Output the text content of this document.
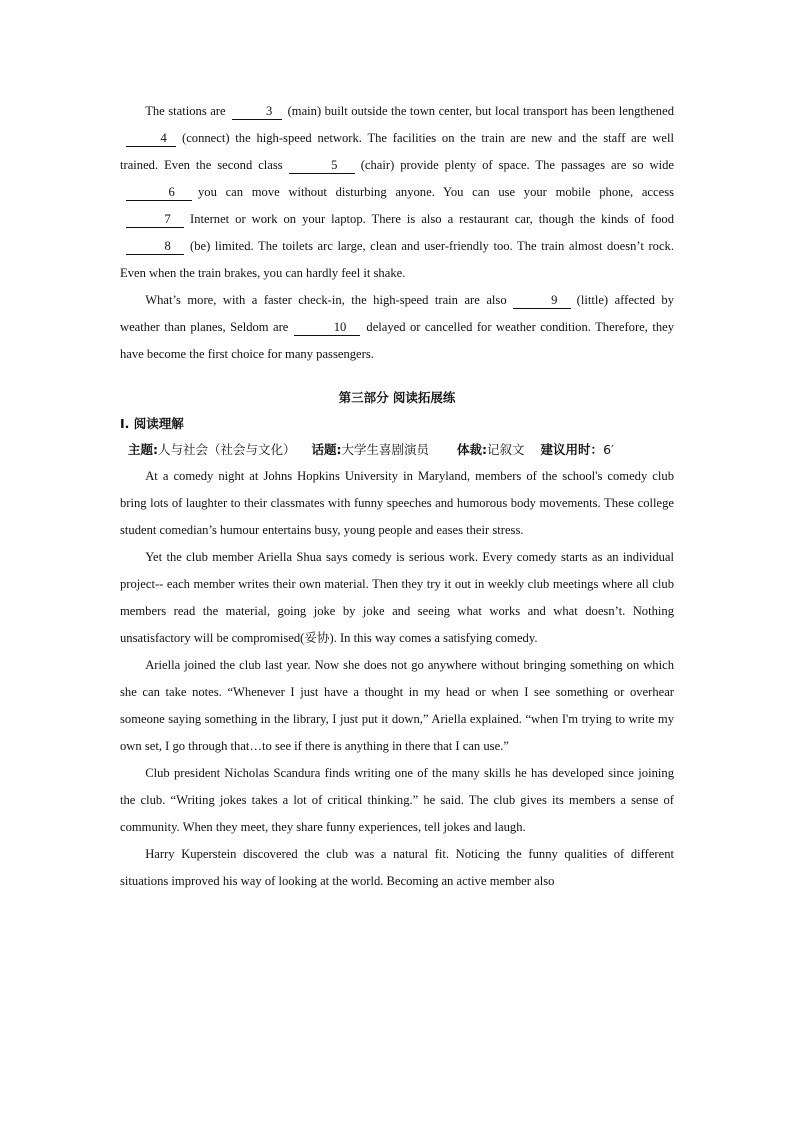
The stations are	3 (main) built outside the town center, but local transport has been lengthened4 (connect) the high-speed network. The facilities on the train are new and the staff are well trained. Even the second class	5 (chair) provide plenty of space. The passages are so wide6 you can move without disturbing anyone. You can use your mobile phone, access7 Internet or work on your laptop. There is also a restaurant car, though the kinds of food8 (be) limited. The toilets arc large, clean and user-friendly too. The train almost doesn’t rock. Even when the train brakes, you can hardly feel it shake.

What’s more, with a faster check-in, the high-speed train are also	9 (little) affected by weather than planes, Seldom are	10 delayed or cancelled for weather condition. Therefore, they have become the first choice for many passengers.

第三部分 阅读拓展练

I. 阅读理解

主题:人与社会（社会与文化） 话题:大学生喜剧演员 体裁:记叙文 建议用时：6′

At a comedy night at Johns Hopkins University in Maryland, members of the school's comedy club bring lots of laughter to their classmates with funny speeches and humorous body movements. These college student comedian’s humour entertains busy, young people and eases their stress.

Yet the club member Ariella Shua says comedy is serious work. Every comedy starts as an individual project-- each member writes their own material. Then they try it out in weekly club meetings where all club members read the material, going joke by joke and seeing what works and what doesn’t. Nothing unsatisfactory will be compromised(妥协). In this way comes a satisfying comedy.

Ariella joined the club last year. Now she does not go anywhere without bringing something on which she can take notes. “Whenever I just have a thought in my head or when I see something or overhear someone saying something in the library, I just put it down,” Ariella explained. “when I'm trying to write my own set, I go through that…to see if there is anything in there that I can use.”

Club president Nicholas Scandura finds writing one of the many skills he has developed since joining the club. “Writing jokes takes a lot of critical thinking.” he said. The club gives its members a sense of community. When they meet, they share funny experiences, tell jokes and laugh.

Harry Kuperstein discovered the club was a natural fit. Noticing the funny qualities of different situations improved his way of looking at the world. Becoming an active member also
